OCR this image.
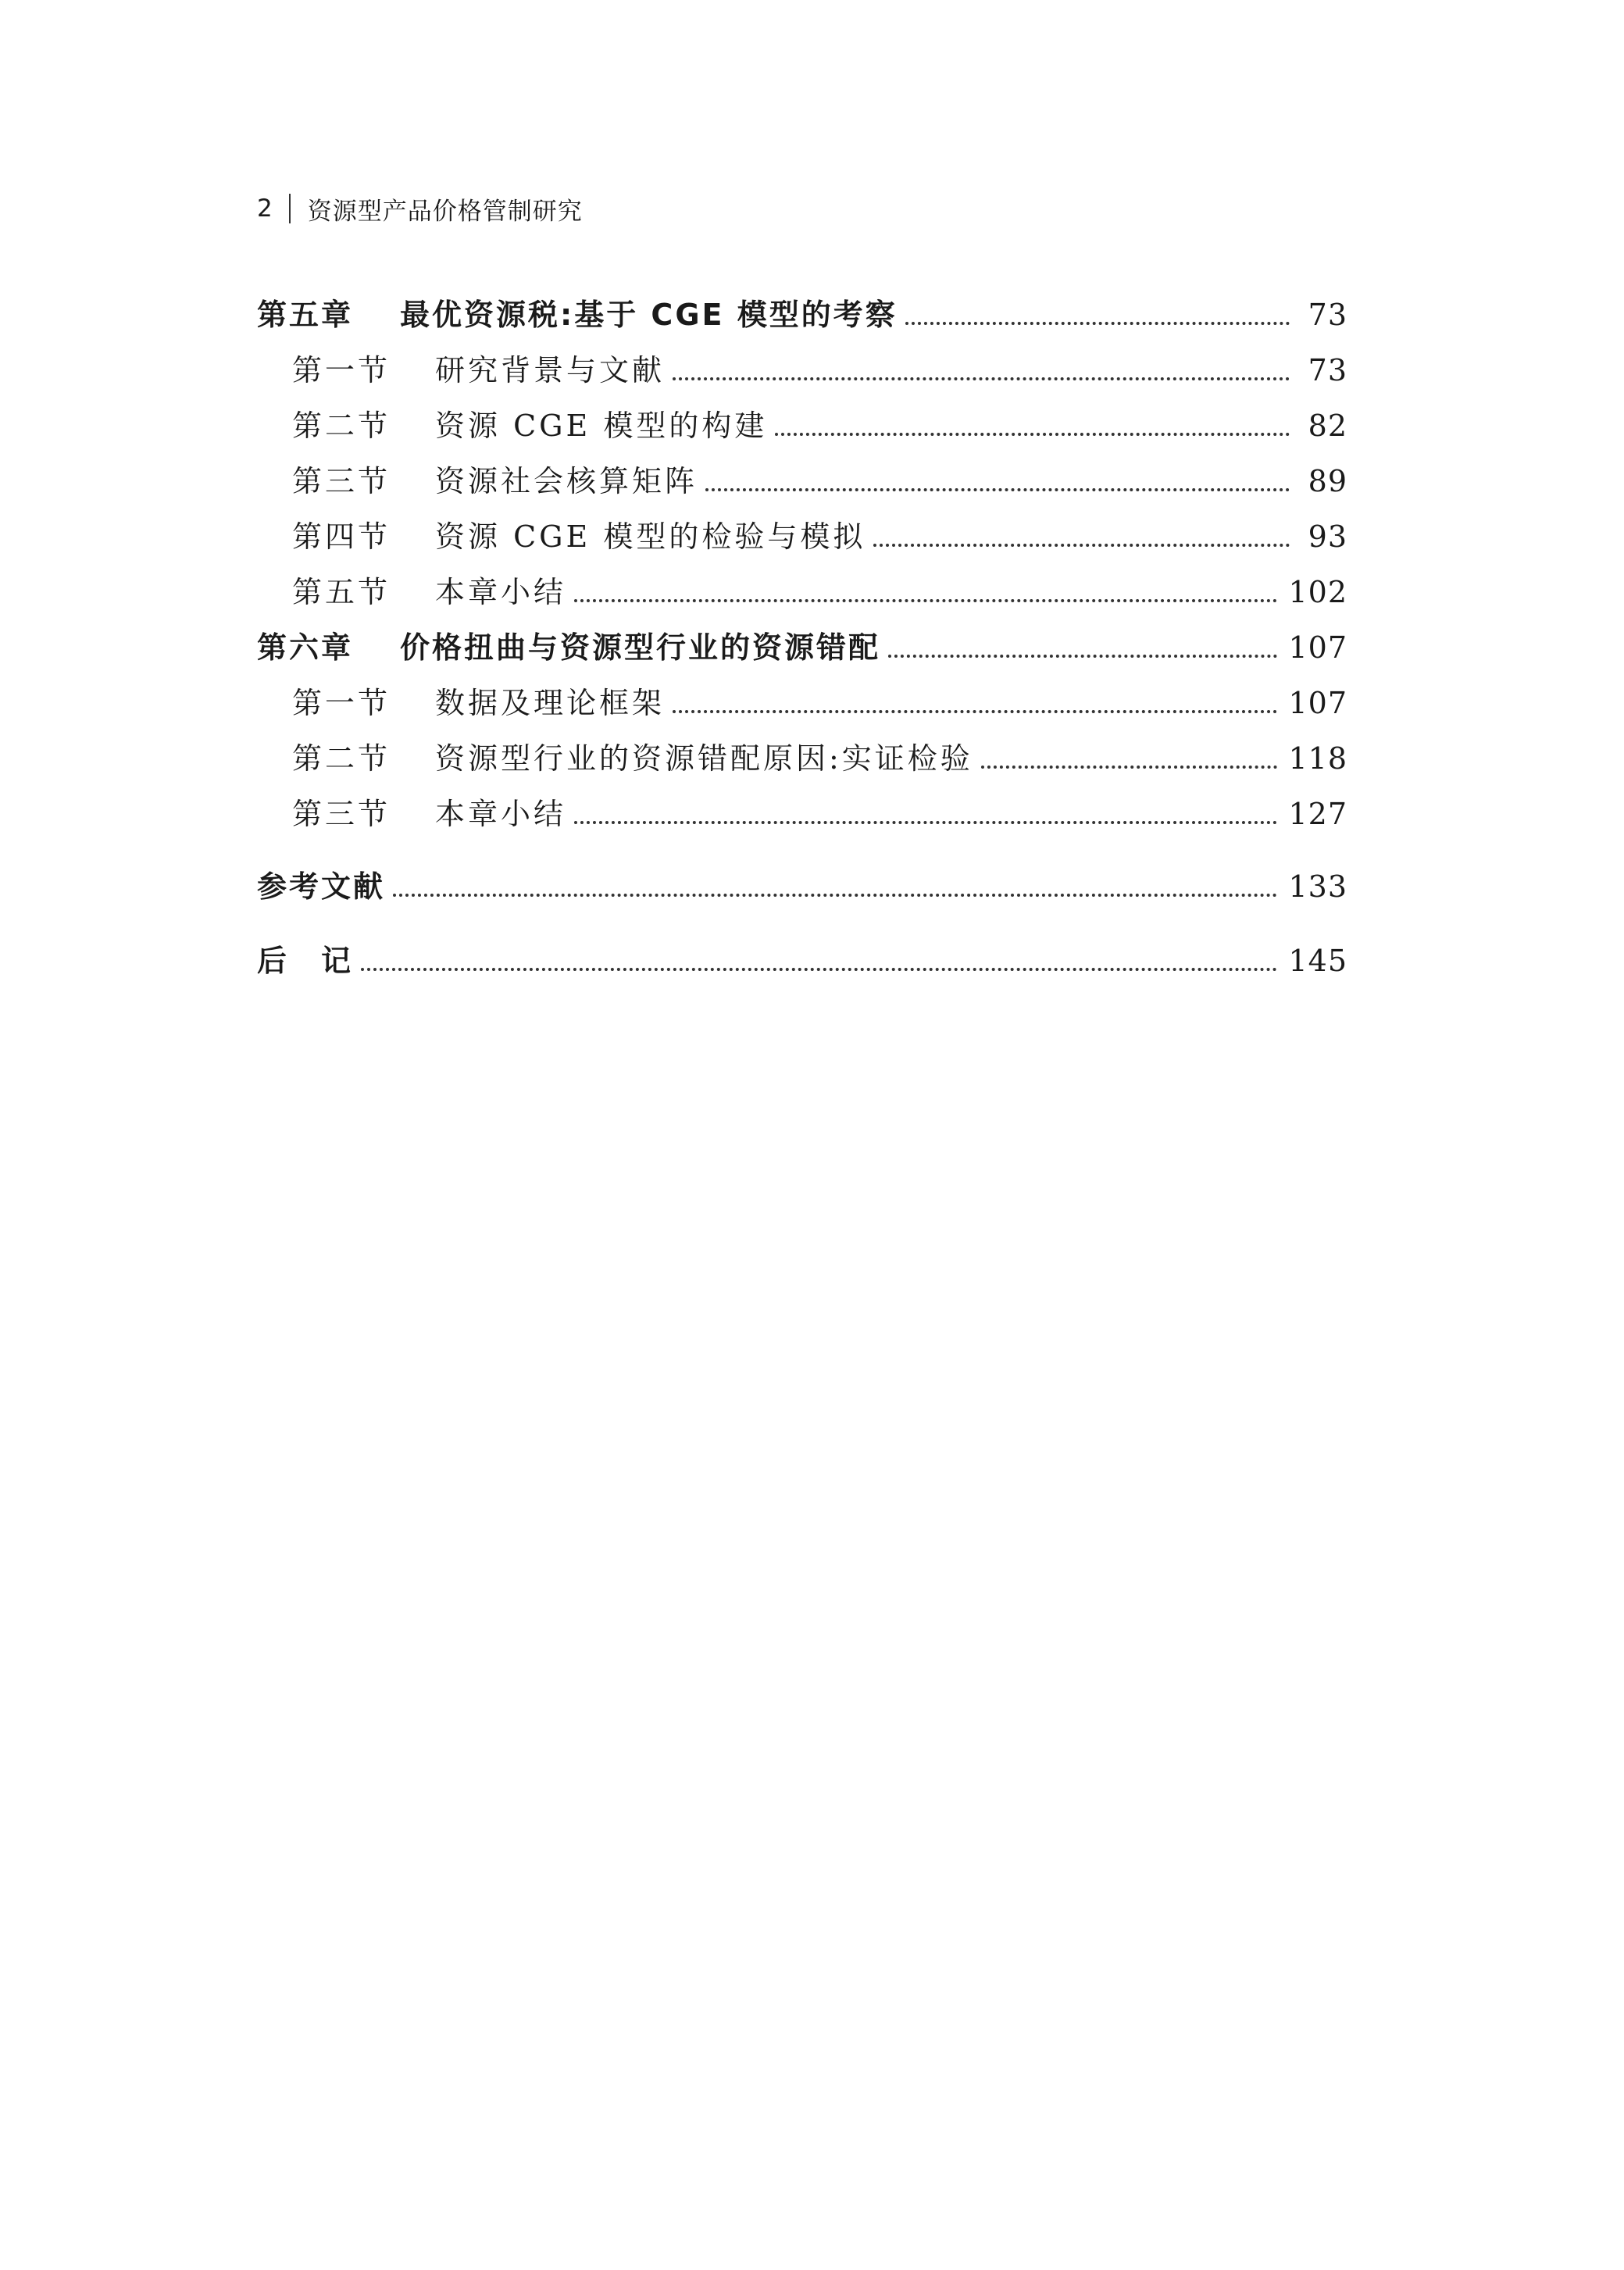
2 资源型产品价格管制研究
第五章	最优资源税:基于 CGE 模型的考察	73
第一节	研究背景与文献	73
第二节	资源 CGE 模型的构建	82
第三节	资源社会核算矩阵	89
第四节	资源 CGE 模型的检验与模拟	93
第五节	本章小结	102
第六章	价格扭曲与资源型行业的资源错配	107
第一节	数据及理论框架	107
第二节	资源型行业的资源错配原因:实证检验	118
第三节	本章小结	127
参考文献	133
后　记	145
